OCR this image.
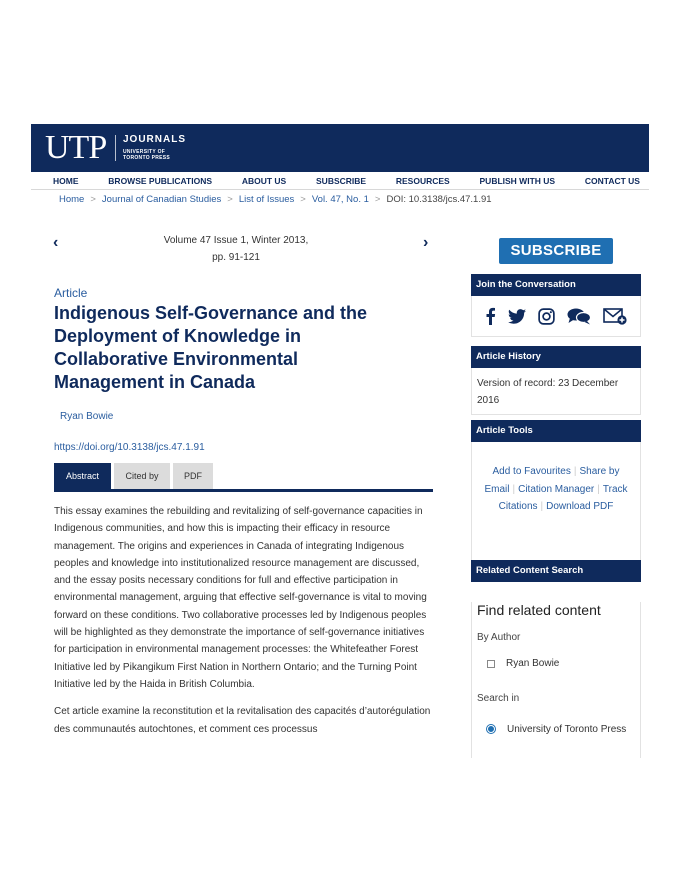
UTP JOURNALS
UNIVERSITY OF TORONTO PRESS
HOME	BROWSE PUBLICATIONS	ABOUT US	SUBSCRIBE	RESOURCES	PUBLISH WITH US	CONTACT US
Home > Journal of Canadian Studies > List of Issues > Vol. 47, No. 1 > DOI: 10.3138/jcs.47.1.91
‹	Volume 47 Issue 1, Winter 2013,
pp. 91-121
›
Article
Indigenous Self-Governance and the Deployment of Knowledge in Collaborative Environmental Management in Canada
Ryan Bowie
https://doi.org/10.3138/jcs.47.1.91
Abstract	Cited by	PDF

This essay examines the rebuilding and revitalizing of self-governance capacities in Indigenous communities, and how this is impacting their efficacy in resource management. The origins and experiences in Canada of integrating Indigenous peoples and knowledge into institutionalized resource management are discussed, and the essay posits necessary conditions for full and effective participation in environmental management, arguing that effective self-governance is vital to moving forward on these conditions. Two collaborative processes led by Indigenous peoples will be highlighted as they demonstrate the importance of self-governance initiatives for participation in environmental management processes: the Whitefeather Forest Initiative led by Pikangikum First Nation in Northern Ontario; and the Turning Point Initiative led by the Haida in British Columbia.

Cet article examine la reconstitution et la revitalisation des capacités d’autorégulation des communautés autochtones, et comment ces processus

SUBSCRIBE
Join the Conversation
Article History
Version of record: 23 December 2016
Article Tools
Add to Favourites | Share by Email | Citation Manager | Track Citations | Download PDF
Related Content Search
Find related content
By Author
Ryan Bowie
Search in
University of Toronto Press
